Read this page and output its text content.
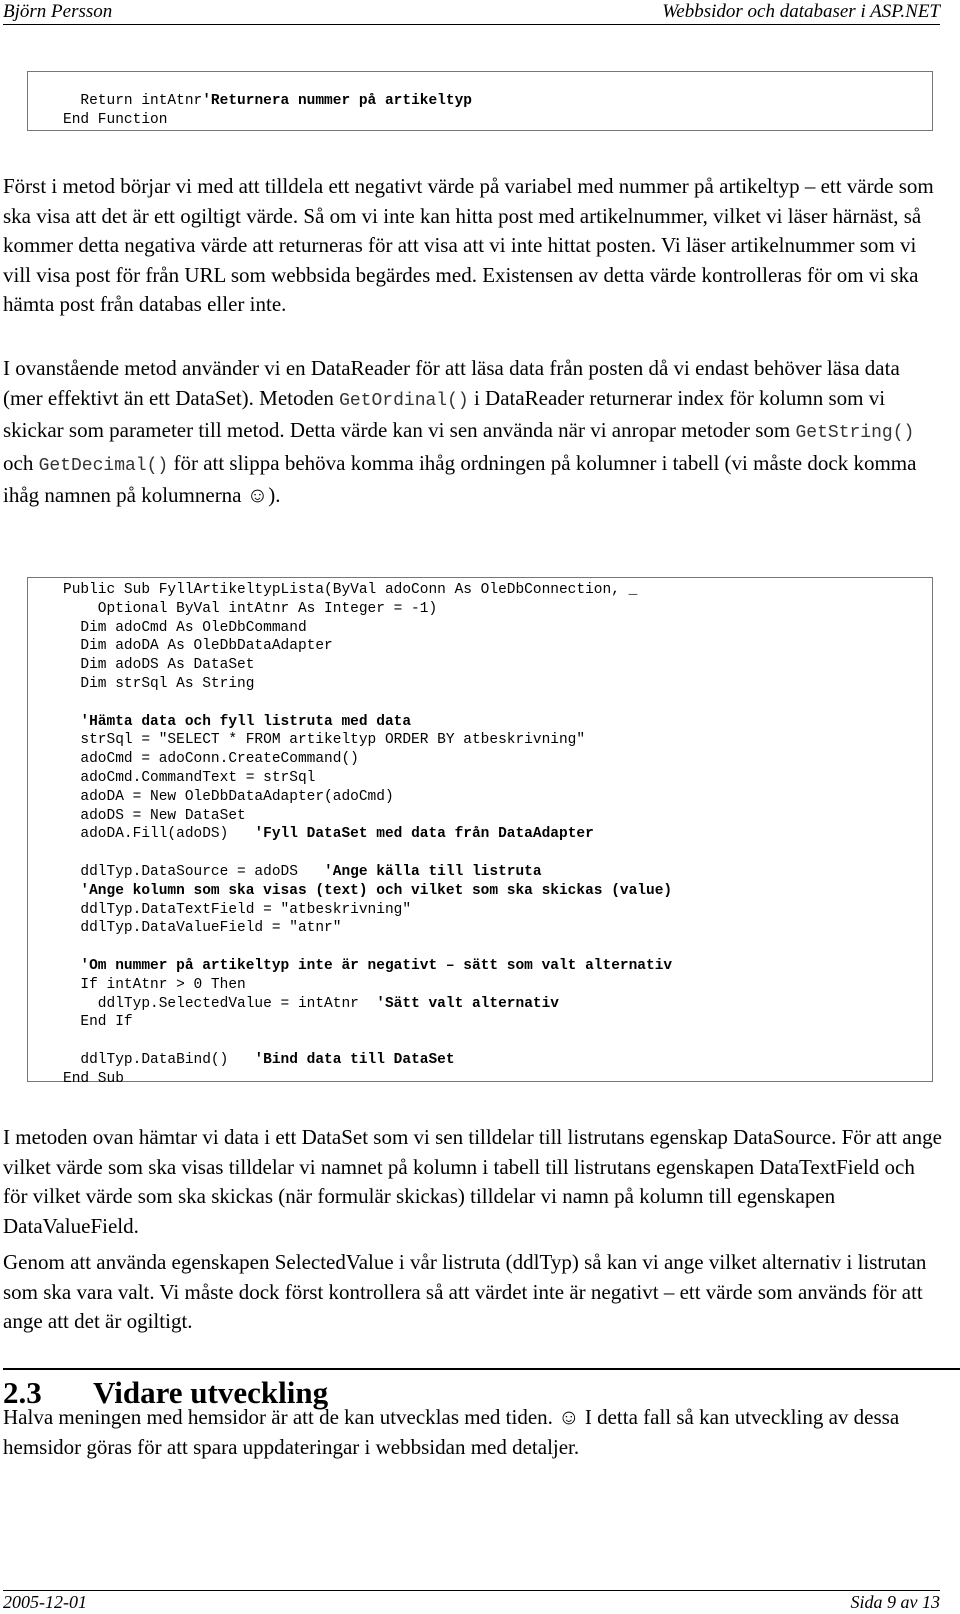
Björn Persson	Webbsidor och databaser i ASP.NET
Return intAtnr'Returnera nummer på artikeltyp
End Function

Först i metod börjar vi med att tilldela ett negativt värde på variabel med nummer på artikeltyp – ett värde som ska visa att det är ett ogiltigt värde. Så om vi inte kan hitta post med artikelnummer, vilket vi läser härnäst, så kommer detta negativa värde att returneras för att visa att vi inte hittat posten. Vi läser artikelnummer som vi vill visa post för från URL som webbsida begärdes med. Existensen av detta värde kontrolleras för om vi ska hämta post från databas eller inte.

I ovanstående metod använder vi en DataReader för att läsa data från posten då vi endast behöver läsa data (mer effektivt än ett DataSet). Metoden GetOrdinal() i DataReader returnerar index för kolumn som vi skickar som parameter till metod. Detta värde kan vi sen använda när vi anropar metoder som GetString() och GetDecimal() för att slippa behöva komma ihåg ordningen på kolumner i tabell (vi måste dock komma ihåg namnen på kolumnerna ☺).

Public Sub FyllArtikeltypLista(ByVal adoConn As OleDbConnection, _
Optional ByVal intAtnr As Integer = -1)
Dim adoCmd As OleDbCommand
Dim adoDA As OleDbDataAdapter
Dim adoDS As DataSet
Dim strSql As String
'Hämta data och fyll listruta med data
strSql = "SELECT * FROM artikeltyp ORDER BY atbeskrivning"
adoCmd = adoConn.CreateCommand()
adoCmd.CommandText = strSql
adoDA = New OleDbDataAdapter(adoCmd)
adoDS = New DataSet
adoDA.Fill(adoDS)   'Fyll DataSet med data från DataAdapter
ddlTyp.DataSource = adoDS   'Ange källa till listruta
'Ange kolumn som ska visas (text) och vilket som ska skickas (value)
ddlTyp.DataTextField = "atbeskrivning"
ddlTyp.DataValueField = "atnr"
'Om nummer på artikeltyp inte är negativt – sätt som valt alternativ
If intAtnr > 0 Then
ddlTyp.SelectedValue = intAtnr  'Sätt valt alternativ
End If
ddlTyp.DataBind()   'Bind data till DataSet
End Sub

I metoden ovan hämtar vi data i ett DataSet som vi sen tilldelar till listrutans egenskap DataSource. För att ange vilket värde som ska visas tilldelar vi namnet på kolumn i tabell till listrutans egenskapen DataTextField och för vilket värde som ska skickas (när formulär skickas) tilldelar vi namn på kolumn till egenskapen DataValueField.

Genom att använda egenskapen SelectedValue i vår listruta (ddlTyp) så kan vi ange vilket alternativ i listrutan som ska vara valt. Vi måste dock först kontrollera så att värdet inte är negativt – ett värde som används för att ange att det är ogiltigt.

2.3 Vidare utveckling

Halva meningen med hemsidor är att de kan utvecklas med tiden. ☺ I detta fall så kan utveckling av dessa hemsidor göras för att spara uppdateringar i webbsidan med detaljer.

2005-12-01	Sida 9 av 13
